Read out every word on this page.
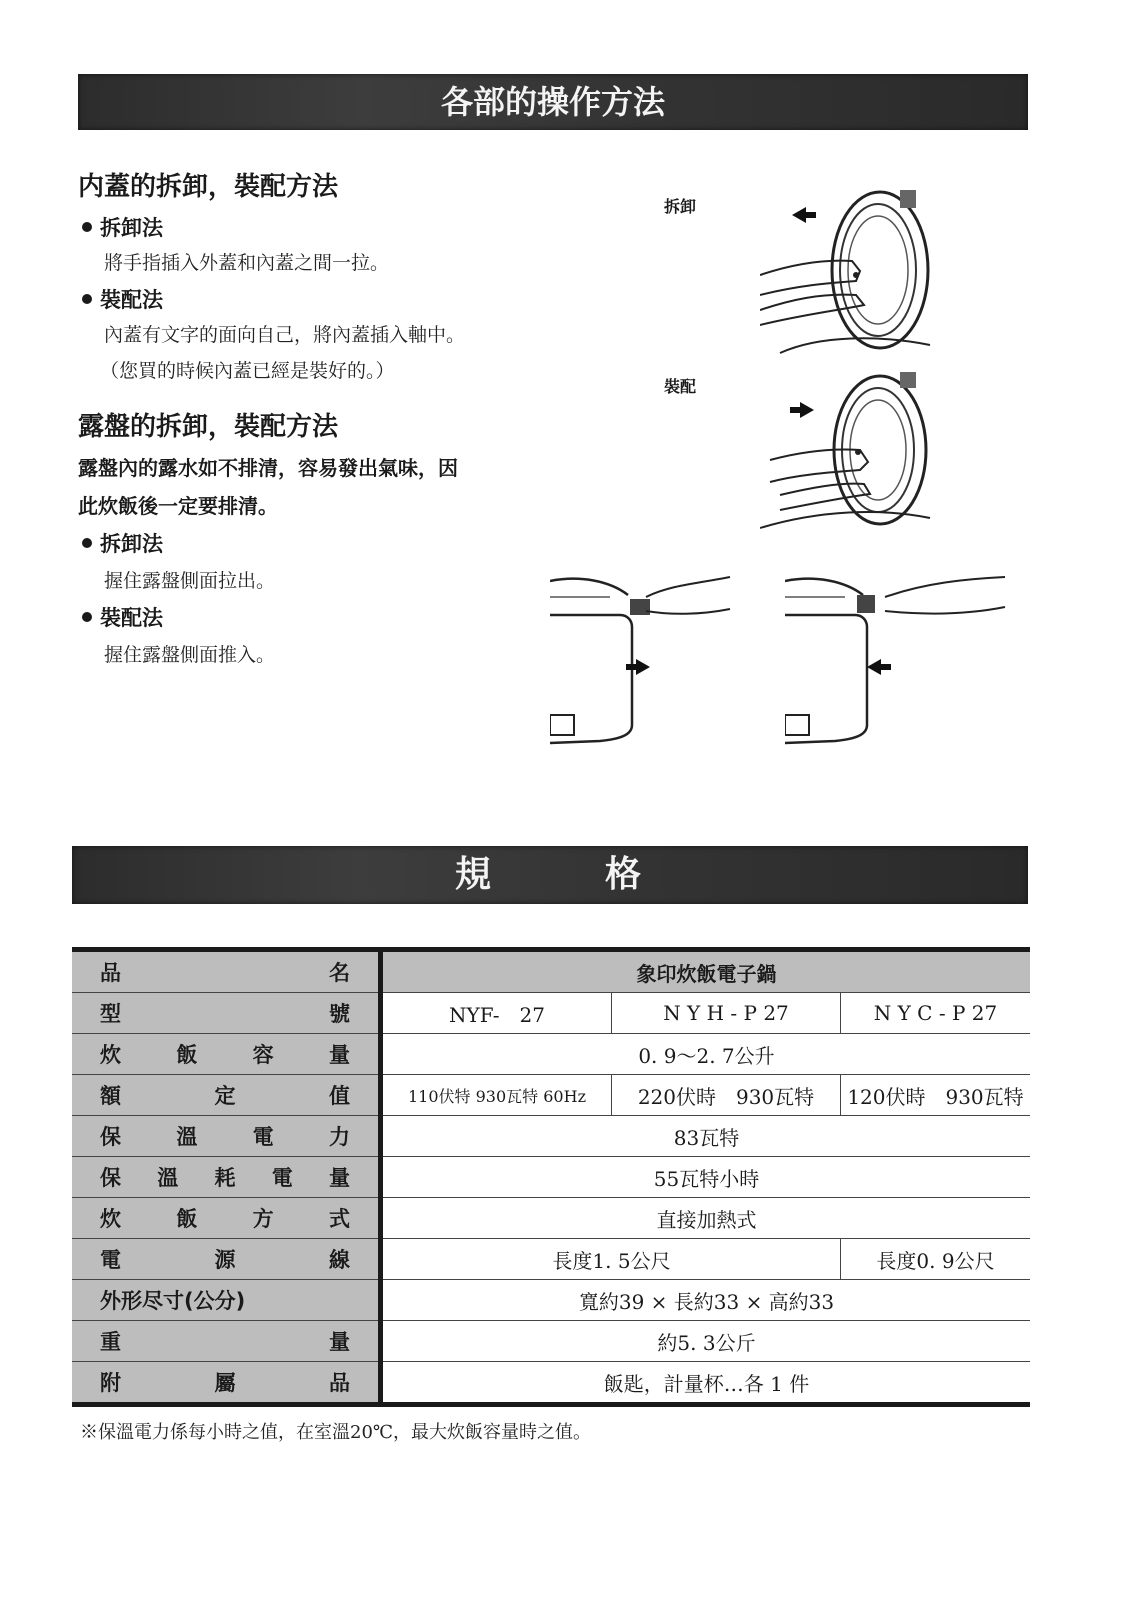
各部的操作方法
内蓋的拆卸，裝配方法
拆卸法
將手指插入外蓋和內蓋之間一拉。
裝配法
內蓋有文字的面向自己，將內蓋插入軸中。
（您買的時候內蓋已經是裝好的。）
拆卸
裝配
露盤的拆卸，裝配方法
露盤內的露水如不排清，容易發出氣味，因
此炊飯後一定要排清。
拆卸法
握住露盤側面拉出。
裝配法
握住露盤側面推入。
規	格
品 名	象印炊飯電子鍋		

型 號	NYF-　27	N Y H - P 27	N Y C - P 27

炊 飯 容 量	0. 9～2. 7公升		

額 定 值	110伏特 930瓦特 60Hz	220伏時　930瓦特	120伏時　930瓦特

保 溫 電 力	83瓦特		

保 溫 耗 電 量	55瓦特小時		

炊 飯 方 式	直接加熱式		

電 源 線	長度1. 5公尺		長度0. 9公尺
外形尽寸(公分)	寬約39 × 長約33 × 高約33		

重 量	約5. 3公斤		

附 屬 品	飯匙，計量杯…各 1 件		
※保溫電力係每小時之值，在室溫20℃，最大炊飯容量時之值。
